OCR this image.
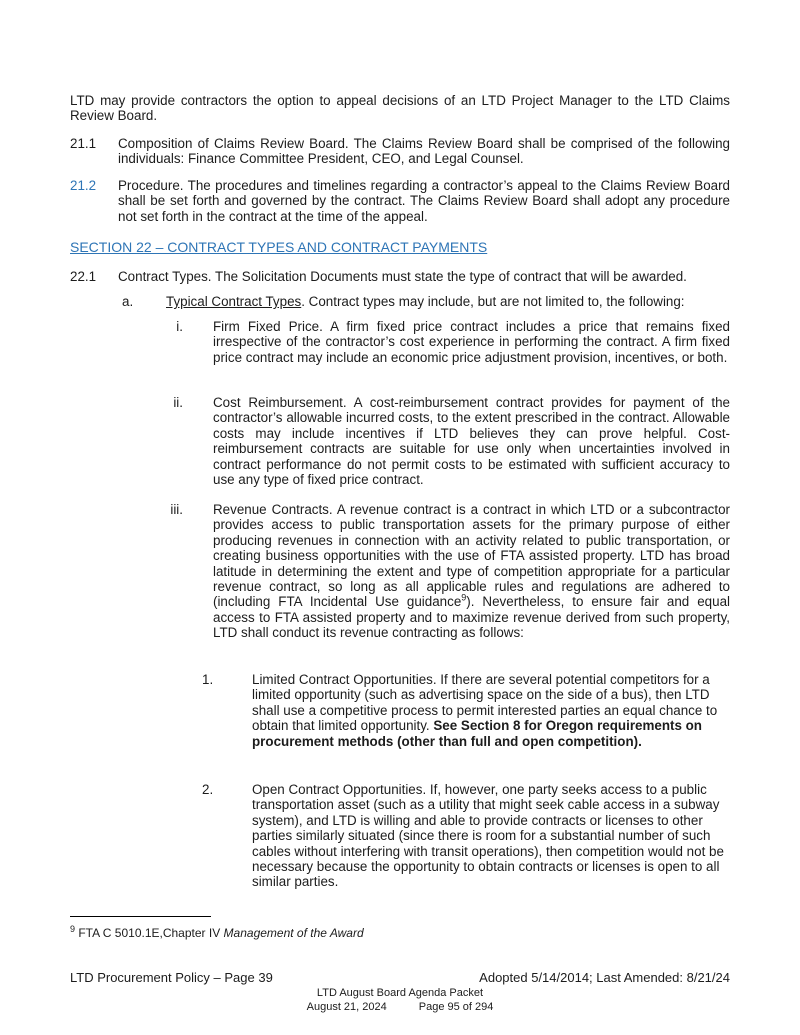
LTD may provide contractors the option to appeal decisions of an LTD Project Manager to the LTD Claims Review Board.

21.1	Composition of Claims Review Board. The Claims Review Board shall be comprised of the following individuals: Finance Committee President, CEO, and Legal Counsel.
21.2	Procedure. The procedures and timelines regarding a contractor’s appeal to the Claims Review Board shall be set forth and governed by the contract. The Claims Review Board shall adopt any procedure not set forth in the contract at the time of the appeal.
SECTION 22 – CONTRACT TYPES AND CONTRACT PAYMENTS
22.1	Contract Types. The Solicitation Documents must state the type of contract that will be awarded.
a.	Typical Contract Types. Contract types may include, but are not limited to, the following:
i. Firm Fixed Price. A firm fixed price contract includes a price that remains fixed irrespective of the contractor’s cost experience in performing the contract. A firm fixed price contract may include an economic price adjustment provision, incentives, or both.
ii. Cost Reimbursement. A cost-reimbursement contract provides for payment of the contractor’s allowable incurred costs, to the extent prescribed in the contract. Allowable costs may include incentives if LTD believes they can prove helpful. Cost-reimbursement contracts are suitable for use only when uncertainties involved in contract performance do not permit costs to be estimated with sufficient accuracy to use any type of fixed price contract.
iii. Revenue Contracts. A revenue contract is a contract in which LTD or a subcontractor provides access to public transportation assets for the primary purpose of either producing revenues in connection with an activity related to public transportation, or creating business opportunities with the use of FTA assisted property. LTD has broad latitude in determining the extent and type of competition appropriate for a particular revenue contract, so long as all applicable rules and regulations are adhered to (including FTA Incidental Use guidance$^9$). Nevertheless, to ensure fair and equal access to FTA assisted property and to maximize revenue derived from such property, LTD shall conduct its revenue contracting as follows:
1.	Limited Contract Opportunities. If there are several potential competitors for a limited opportunity (such as advertising space on the side of a bus), then LTD shall use a competitive process to permit interested parties an equal chance to obtain that limited opportunity. See Section 8 for Oregon requirements on procurement methods (other than full and open competition).
2.	Open Contract Opportunities. If, however, one party seeks access to a public transportation asset (such as a utility that might seek cable access in a subway system), and LTD is willing and able to provide contracts or licenses to other parties similarly situated (since there is room for a substantial number of such cables without interfering with transit operations), then competition would not be necessary because the opportunity to obtain contracts or licenses is open to all similar parties.

$^9$ FTA C 5010.1E,Chapter IV Management of the Award

LTD Procurement Policy – Page 39	Adopted 5/14/2014; Last Amended: 8/21/24
LTD August Board Agenda Packet
August 21, 2024	Page 95 of 294
